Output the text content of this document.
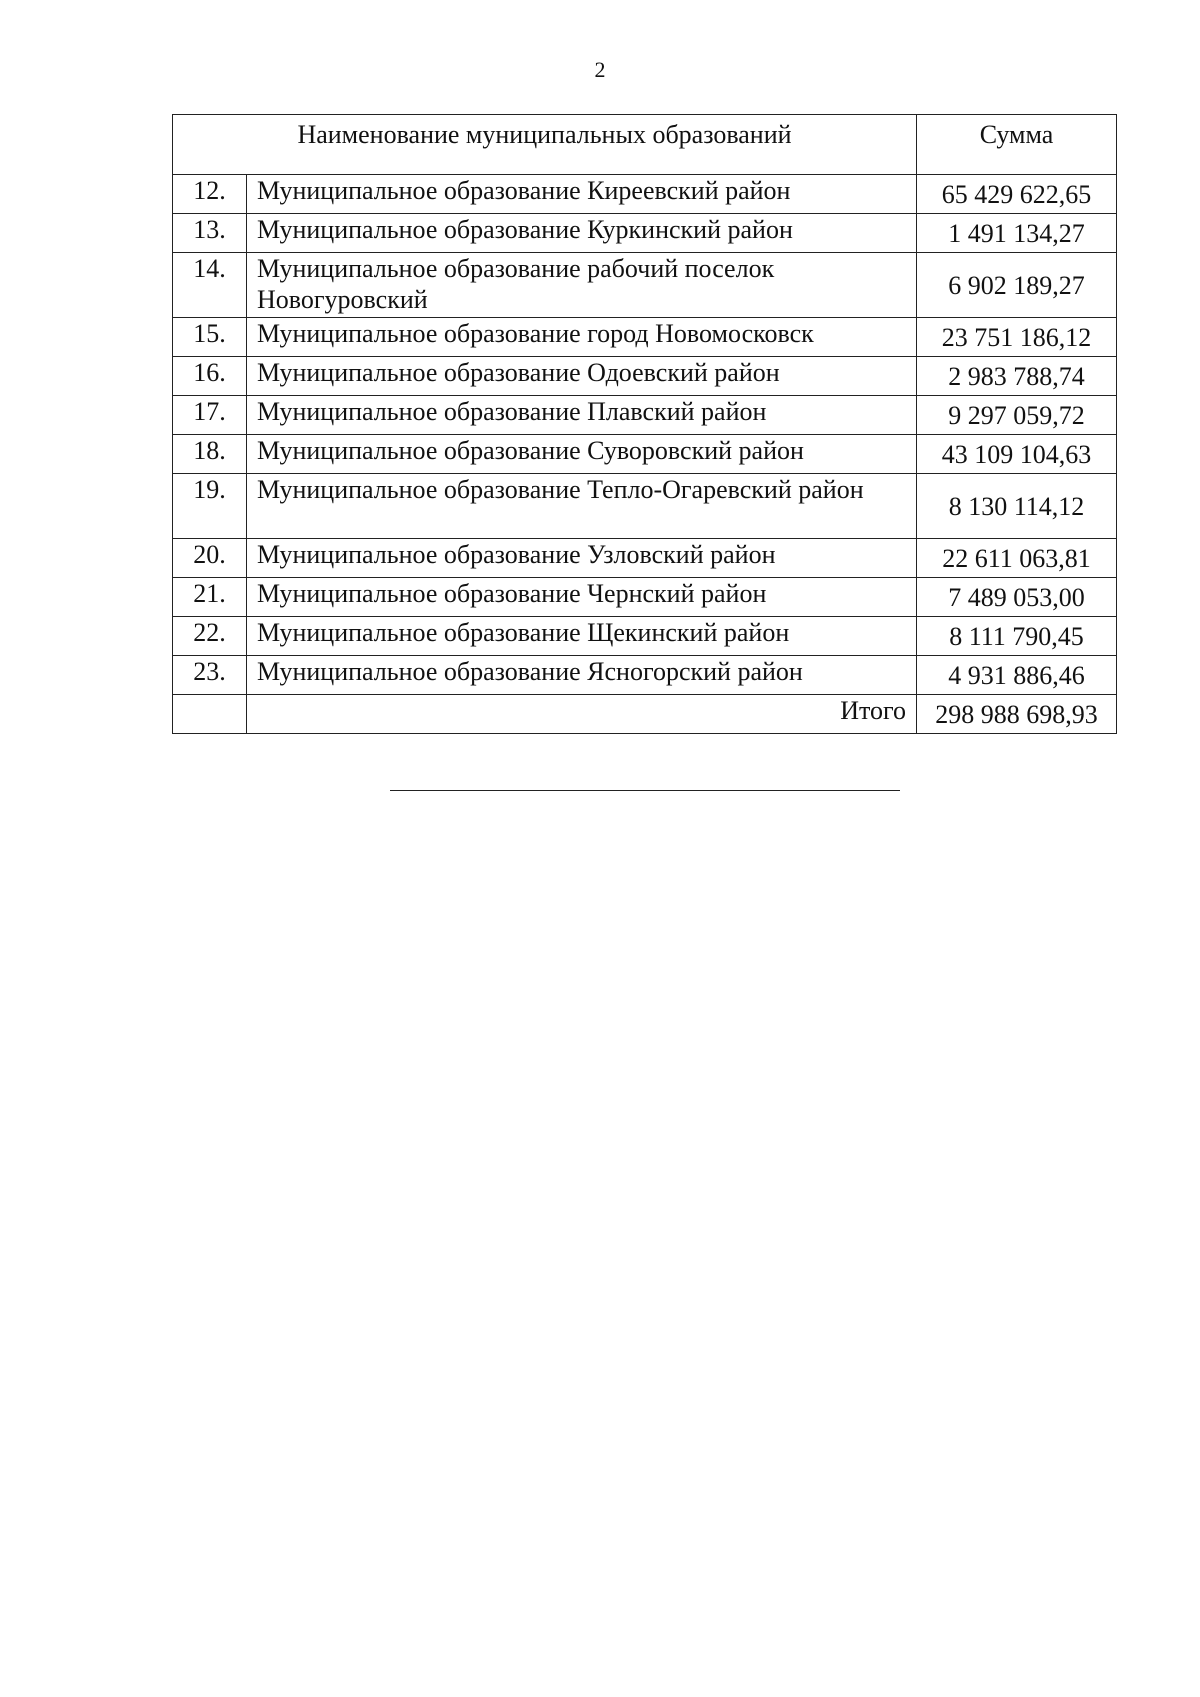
2
Наименование муниципальных образований		Сумма
12.	Муниципальное образование Киреевский район	65 429 622,65
13.	Муниципальное образование Куркинский район	1 491 134,27
14.	Муниципальное образование рабочий поселок Новогуровский	6 902 189,27
15.	Муниципальное образование город Новомосковск	23 751 186,12
16.	Муниципальное образование Одоевский район	2 983 788,74
17.	Муниципальное образование Плавский район	9 297 059,72
18.	Муниципальное образование Суворовский район	43 109 104,63
19.	Муниципальное образование Тепло-Огаревский район	8 130 114,12
20.	Муниципальное образование Узловский район	22 611 063,81
21.	Муниципальное образование Чернский район	7 489 053,00
22.	Муниципальное образование Щекинский район	8 111 790,45
23.	Муниципальное образование Ясногорский район	4 931 886,46
	Итого	298 988 698,93
